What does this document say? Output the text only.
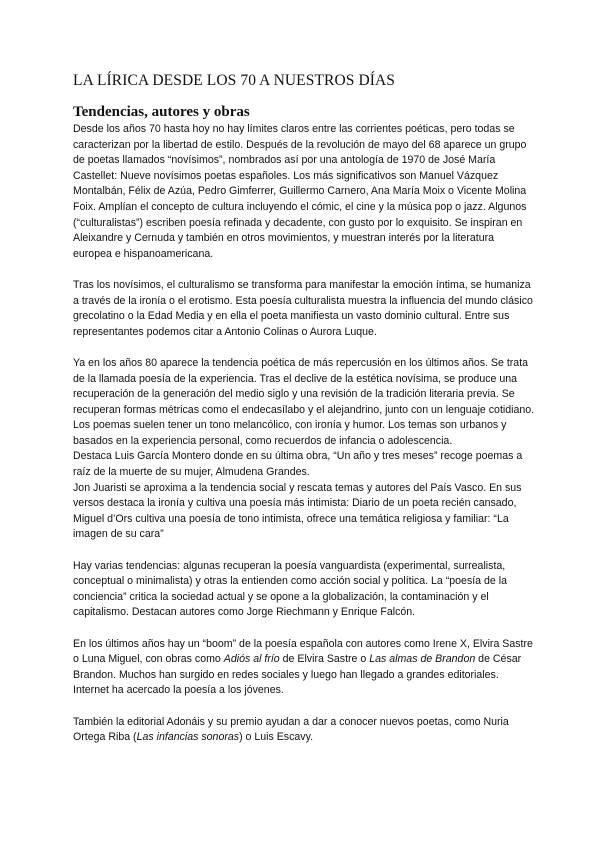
LA LÍRICA DESDE LOS 70 A NUESTROS DÍAS
Tendencias, autores y obras

Desde los años 70 hasta hoy no hay límites claros entre las corrientes poéticas, pero todas se caracterizan por la libertad de estilo. Después de la revolución de mayo del 68 aparece un grupo de poetas llamados “novísimos”, nombrados así por una antología de 1970 de José María Castellet: Nueve novísimos poetas españoles. Los más significativos son Manuel Vázquez Montalbán, Félix de Azúa, Pedro Gimferrer, Guillermo Carnero, Ana María Moix o Vicente Molina Foix. Amplían el concepto de cultura incluyendo el cómic, el cine y la música pop o jazz. Algunos (“culturalistas”) escriben poesía refinada y decadente, con gusto por lo exquisito. Se inspiran en Aleixandre y Cernuda y también en otros movimientos, y muestran interés por la literatura europea e hispanoamericana.

Tras los novísimos, el culturalismo se transforma para manifestar la emoción íntima, se humaniza a través de la ironía o el erotismo. Esta poesía culturalista muestra la influencia del mundo clásico grecolatino o la Edad Media y en ella el poeta manifiesta un vasto dominio cultural. Entre sus representantes podemos citar a Antonio Colinas o Aurora Luque.

Ya en los años 80 aparece la tendencia poética de más repercusión en los últimos años. Se trata de la llamada poesía de la experiencia. Tras el declive de la estética novísima, se produce una recuperación de la generación del medio siglo y una revisión de la tradición literaria previa. Se recuperan formas métricas como el endecasílabo y el alejandrino, junto con un lenguaje cotidiano. Los poemas suelen tener un tono melancólico, con ironía y humor. Los temas son urbanos y basados en la experiencia personal, como recuerdos de infancia o adolescencia.

Destaca Luis García Montero donde en su última obra, “Un año y tres meses” recoge poemas a raíz de la muerte de su mujer, Almudena Grandes.

Jon Juaristi se aproxima a la tendencia social y rescata temas y autores del País Vasco. En sus versos destaca la ironía y cultiva una poesía más intimista: Diario de un poeta recién cansado, Miguel d’Ors cultiva una poesía de tono intimista, ofrece una temática religiosa y familiar: “La imagen de su cara”

Hay varias tendencias: algunas recuperan la poesía vanguardista (experimental, surrealista, conceptual o minimalista) y otras la entienden como acción social y política. La “poesía de la conciencia” critica la sociedad actual y se opone a la globalización, la contaminación y el capitalismo. Destacan autores como Jorge Riechmann y Enrique Falcón.

En los últimos años hay un “boom” de la poesía española con autores como Irene X, Elvira Sastre o Luna Miguel, con obras como Adiós al frío de Elvira Sastre o Las almas de Brandon de César Brandon. Muchos han surgido en redes sociales y luego han llegado a grandes editoriales. Internet ha acercado la poesía a los jóvenes.

También la editorial Adonáis y su premio ayudan a dar a conocer nuevos poetas, como Nuria Ortega Riba (Las infancias sonoras) o Luis Escavy.
